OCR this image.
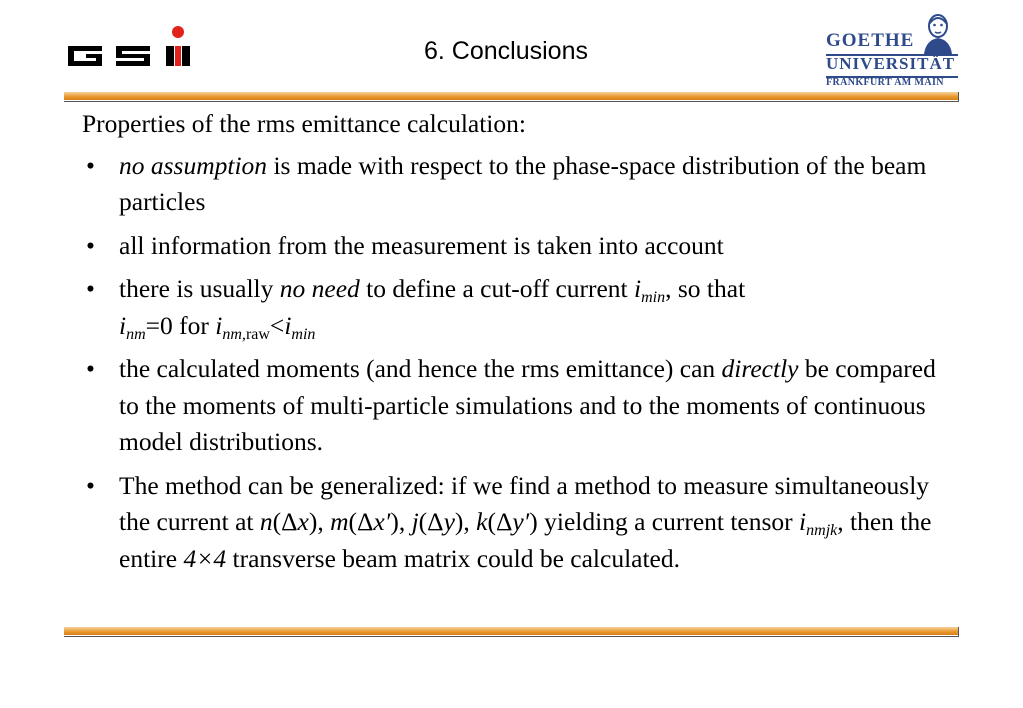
GSI
6. Conclusions	GOETHE
UNIVERSITÄT
FRANKFURT AM MAIN

Properties of the rms emittance calculation:

• no assumption is made with respect to the phase-space distribution of the beam particles
• all information from the measurement is taken into account
• there is usually no need to define a cut-off current $i_{min}$, so that
$i_{nm}=0$ for $i_{nm,raw}<i_{min}$
• the calculated moments (and hence the rms emittance) can directly be compared to the moments of multi-particle simulations and to the moments of continuous model distributions.
• The method can be generalized: if we find a method to measure simultaneously the current at n(Δx), m(Δx′), j(Δy), k(Δy′) yielding a current tensor $i_{nmjk}$, then the entire 4×4 transverse beam matrix could be calculated.
